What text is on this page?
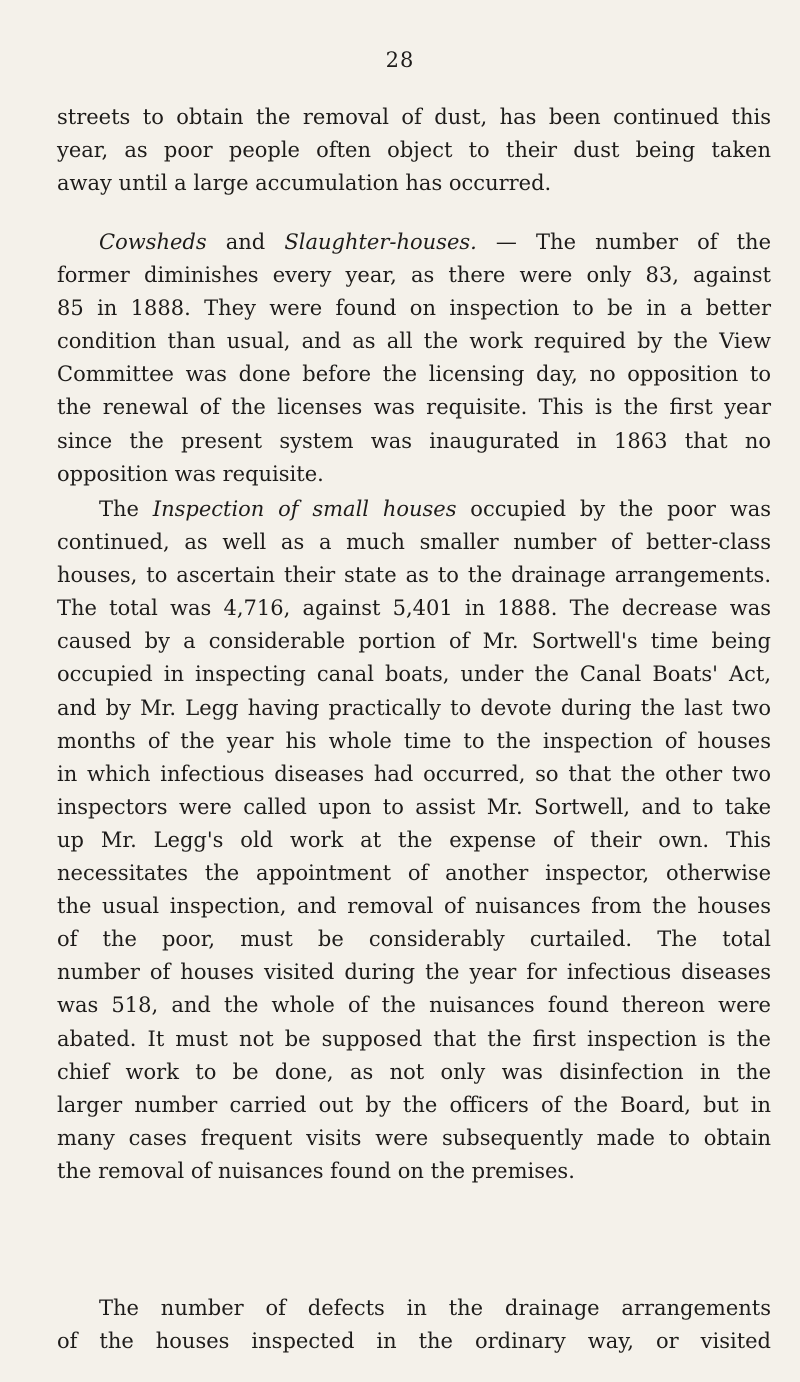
28
streets to obtain the removal of dust, has been continued this
year, as poor people often object to their dust being taken
away until a large accumulation has occurred.
Cowsheds and Slaughter-houses. — The number of the
former diminishes every year, as there were only 83, against
85 in 1888. They were found on inspection to be in a better
condition than usual, and as all the work required by the View
Committee was done before the licensing day, no opposition to
the renewal of the licenses was requisite. This is the first year
since the present system was inaugurated in 1863 that no
opposition was requisite.
The Inspection of small houses occupied by the poor was
continued, as well as a much smaller number of better-class
houses, to ascertain their state as to the drainage arrangements.
The total was 4,716, against 5,401 in 1888. The decrease was
caused by a considerable portion of Mr. Sortwell's time being
occupied in inspecting canal boats, under the Canal Boats' Act,
and by Mr. Legg having practically to devote during the last two
months of the year his whole time to the inspection of houses
in which infectious diseases had occurred, so that the other two
inspectors were called upon to assist Mr. Sortwell, and to take
up Mr. Legg's old work at the expense of their own. This
necessitates the appointment of another inspector, otherwise
the usual inspection, and removal of nuisances from the houses
of the poor, must be considerably curtailed. The total
number of houses visited during the year for infectious diseases
was 518, and the whole of the nuisances found thereon were
abated. It must not be supposed that the first inspection is the
chief work to be done, as not only was disinfection in the
larger number carried out by the officers of the Board, but in
many cases frequent visits were subsequently made to obtain
the removal of nuisances found on the premises.
The number of defects in the drainage arrangements
of the houses inspected in the ordinary way, or visited
